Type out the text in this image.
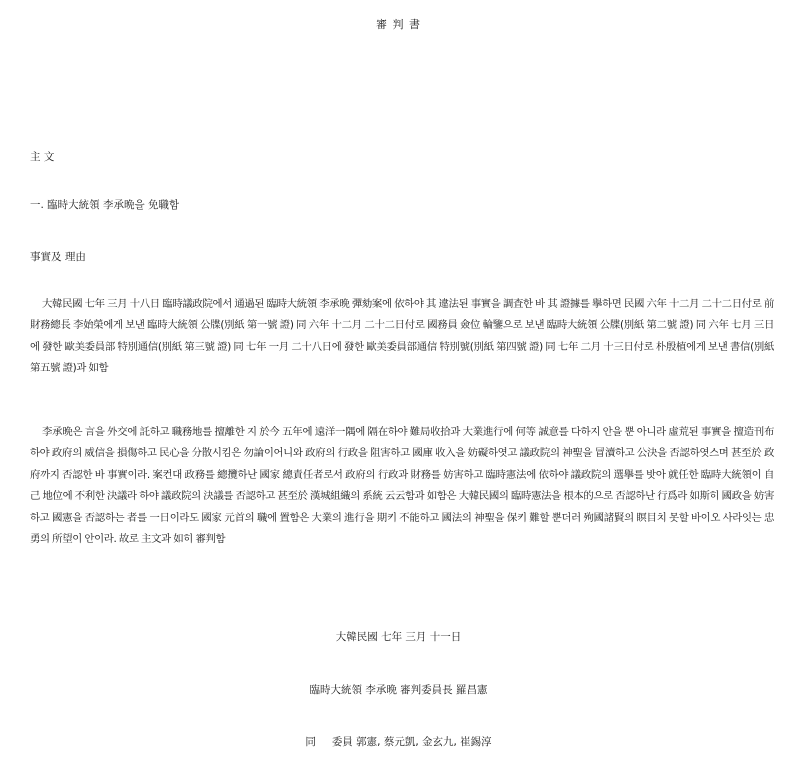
審 判 書
主 文
一. 臨時大統領 李承晩을 免職함
事實及 理由
大韓民國 七年 三月 十八日 臨時議政院에서 通過된 臨時大統領 李承晩 彈劾案에 依하야 其 違法된 事實을 調査한 바 其 證據를 擧하면 民國 六年 十二月 二十二日付로 前 財務總長 李始榮에게 보낸 臨時大統領 公牒(別紙 第一號 證) 同 六年 十二月 二十二日付로 國務員 僉位 輪鑒으로 보낸 臨時大統領 公牒(別紙 第二號 證) 同 六年 七月 三日에 發한 歐美委員部 特別通信(別紙 第三號 證) 同 七年 一月 二十八日에 發한 歐美委員部通信 特別號(別紙 第四號 證) 同 七年 二月 十三日付로 朴殷植에게 보낸 書信(別紙 第五號 證)과 如함
李承晩은 言을 外交에 託하고 職務地를 擅離한 지 於今 五年에 遠洋一隅에 隔在하야 難局收拾과 大業進行에 何等 誠意를 다하지 안을 뿐 아니라 虛荒된 事實을 擅造刊布하야 政府의 威信을 損傷하고 民心을 分散시킴은 勿論이어니와 政府의 行政을 阻害하고 國庫 收入을 妨礙하엿고 議政院의 神聖을 冒瀆하고 公決을 否認하엿스며 甚至於 政府까지 否認한 바 事實이라. 案컨대 政務를 總攬하난 國家 總責任者로서 政府의 行政과 財務를 妨害하고 臨時憲法에 依하야 議政院의 選擧를 밧아 就任한 臨時大統領이 自己 地位에 不利한 決議라 하야 議政院의 決議를 否認하고 甚至於 漢城組織의 系統 云云함과 如함은 大韓民國의 臨時憲法을 根本的으로 否認하난 行爲라 如斯히 國政을 妨害하고 國憲을 否認하는 者를 一日이라도 國家 元首의 職에 置함은 大業의 進行을 期키 不能하고 國法의 神聖을 保키 難할 뿐더러 殉國諸賢의 瞑目치 못할 바이오 사라잇는 忠勇의 所望이 안이라. 故로 主文과 如히 審判함
大韓民國 七年 三月 十一日
臨時大統領 李承晩 審判委員長 羅昌憲
同 委員 郭憲, 蔡元凱, 金玄九, 崔錫淳
